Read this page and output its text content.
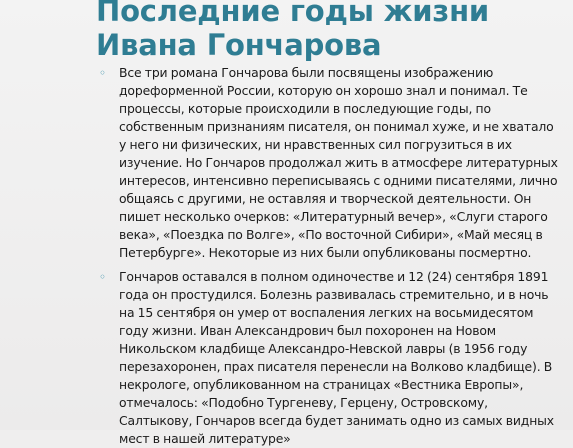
Последние годы жизни Ивана Гончарова
◦ Все три романа Гончарова были посвящены изображению дореформенной России, которую он хорошо знал и понимал. Те процессы, которые происходили в последующие годы, по собственным признаниям писателя, он понимал хуже, и не хватало у него ни физических, ни нравственных сил погрузиться в их изучение. Но Гончаров продолжал жить в атмосфере литературных интересов, интенсивно переписываясь с одними писателями, лично общаясь с другими, не оставляя и творческой деятельности. Он пишет несколько очерков: «Литературный вечер», «Слуги старого века», «Поездка по Волге», «По восточной Сибири», «Май месяц в Петербурге». Некоторые из них были опубликованы посмертно.
◦ Гончаров оставался в полном одиночестве и 12 (24) сентября 1891 года он простудился. Болезнь развивалась стремительно, и в ночь на 15 сентября он умер от воспаления легких на восьмидесятом году жизни. Иван Александрович был похоронен на Новом Никольском кладбище Александро-Невской лавры (в 1956 году перезахоронен, прах писателя перенесли на Волково кладбище). В некрологе, опубликованном на страницах «Вестника Европы», отмечалось: «Подобно Тургеневу, Герцену, Островскому, Салтыкову, Гончаров всегда будет занимать одно из самых видных мест в нашей литературе»
